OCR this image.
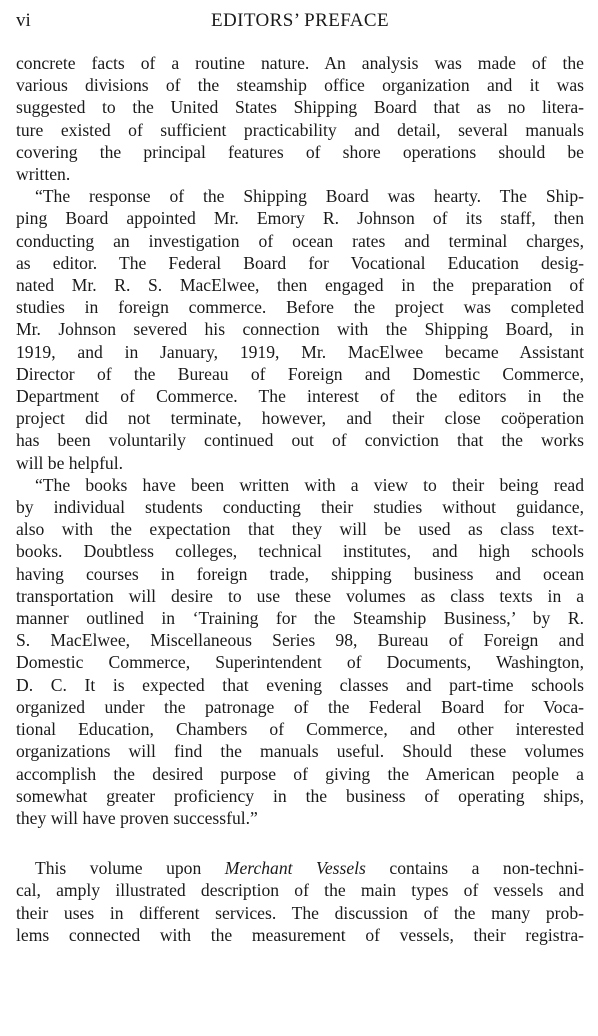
vi	EDITORS’ PREFACE

concrete facts of a routine nature. An analysis was made of the
various divisions of the steamship office organization and it was
suggested to the United States Shipping Board that as no litera-
ture existed of sufficient practicability and detail, several manuals
covering the principal features of shore operations should be
written.

“The response of the Shipping Board was hearty. The Ship-
ping Board appointed Mr. Emory R. Johnson of its staff, then
conducting an investigation of ocean rates and terminal charges,
as editor. The Federal Board for Vocational Education desig-
nated Mr. R. S. MacElwee, then engaged in the preparation of
studies in foreign commerce. Before the project was completed
Mr. Johnson severed his connection with the Shipping Board, in
1919, and in January, 1919, Mr. MacElwee became Assistant
Director of the Bureau of Foreign and Domestic Commerce,
Department of Commerce. The interest of the editors in the
project did not terminate, however, and their close coöperation
has been voluntarily continued out of conviction that the works
will be helpful.

“The books have been written with a view to their being read
by individual students conducting their studies without guidance,
also with the expectation that they will be used as class text-
books. Doubtless colleges, technical institutes, and high schools
having courses in foreign trade, shipping business and ocean
transportation will desire to use these volumes as class texts in a
manner outlined in ‘Training for the Steamship Business,’ by R.
S. MacElwee, Miscellaneous Series 98, Bureau of Foreign and
Domestic Commerce, Superintendent of Documents, Washington,
D. C. It is expected that evening classes and part-time schools
organized under the patronage of the Federal Board for Voca-
tional Education, Chambers of Commerce, and other interested
organizations will find the manuals useful. Should these volumes
accomplish the desired purpose of giving the American people a
somewhat greater proficiency in the business of operating ships,
they will have proven successful.”

This volume upon Merchant Vessels contains a non-techni-
cal, amply illustrated description of the main types of vessels and
their uses in different services. The discussion of the many prob-
lems connected with the measurement of vessels, their registra-
